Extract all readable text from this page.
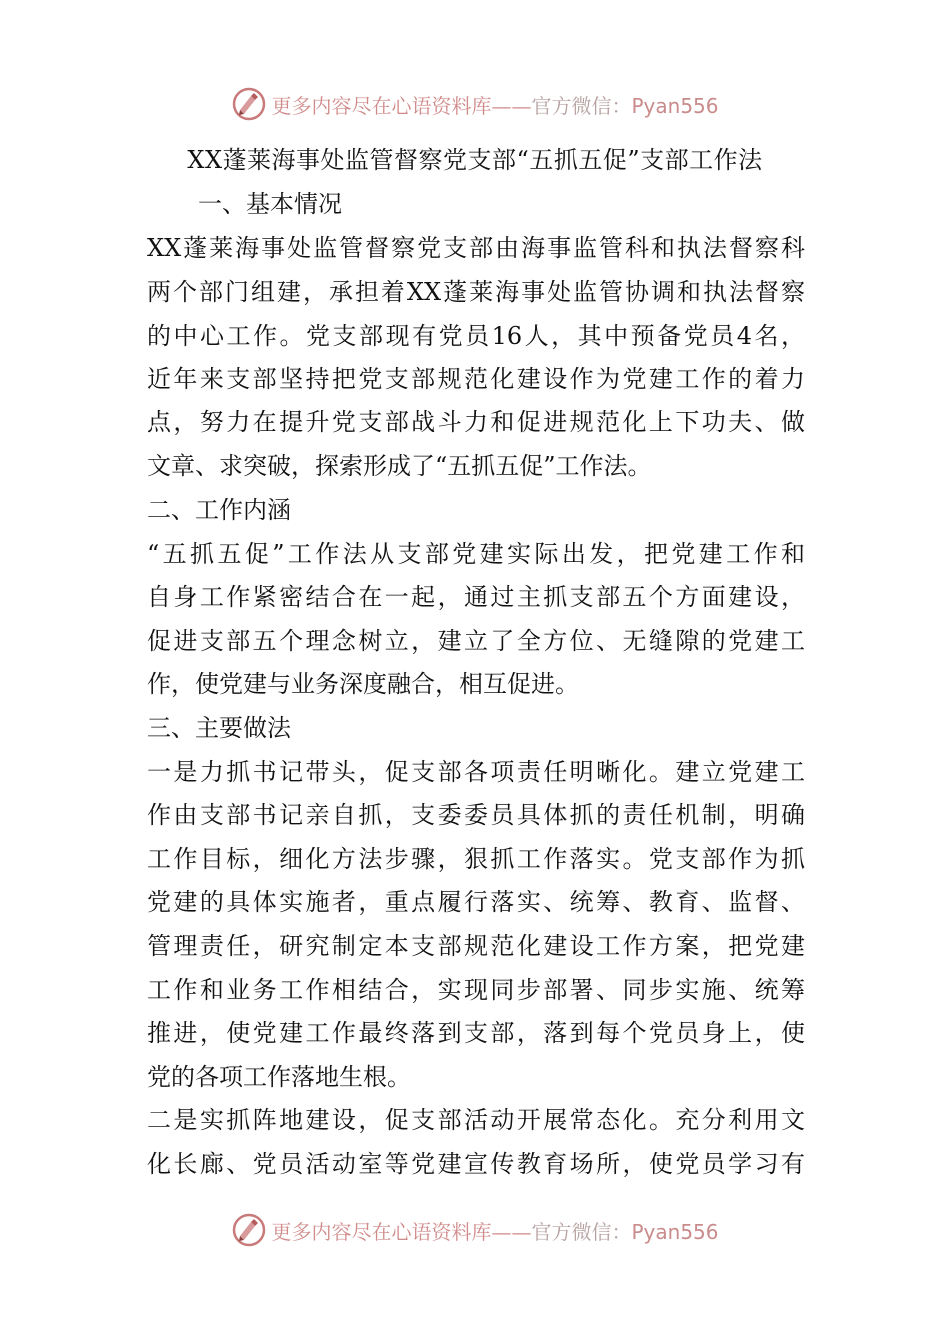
更多内容尽在心语资料库——官方微信：Pyan556
XX蓬莱海事处监管督察党支部“五抓五促”支部工作法
一、基本情况
XX蓬莱海事处监管督察党支部由海事监管科和执法督察科
两个部门组建，承担着XX蓬莱海事处监管协调和执法督察
的中心工作。党支部现有党员16人，其中预备党员4名，
近年来支部坚持把党支部规范化建设作为党建工作的着力
点，努力在提升党支部战斗力和促进规范化上下功夫、做
文章、求突破，探索形成了“五抓五促”工作法。
二、工作内涵
“五抓五促”工作法从支部党建实际出发，把党建工作和
自身工作紧密结合在一起，通过主抓支部五个方面建设，
促进支部五个理念树立，建立了全方位、无缝隙的党建工
作，使党建与业务深度融合，相互促进。
三、主要做法
一是力抓书记带头，促支部各项责任明晰化。建立党建工
作由支部书记亲自抓，支委委员具体抓的责任机制，明确
工作目标，细化方法步骤，狠抓工作落实。党支部作为抓
党建的具体实施者，重点履行落实、统筹、教育、监督、
管理责任，研究制定本支部规范化建设工作方案，把党建
工作和业务工作相结合，实现同步部署、同步实施、统筹
推进，使党建工作最终落到支部，落到每个党员身上，使
党的各项工作落地生根。
二是实抓阵地建设，促支部活动开展常态化。充分利用文
化长廊、党员活动室等党建宣传教育场所，使党员学习有
更多内容尽在心语资料库——官方微信：Pyan556
